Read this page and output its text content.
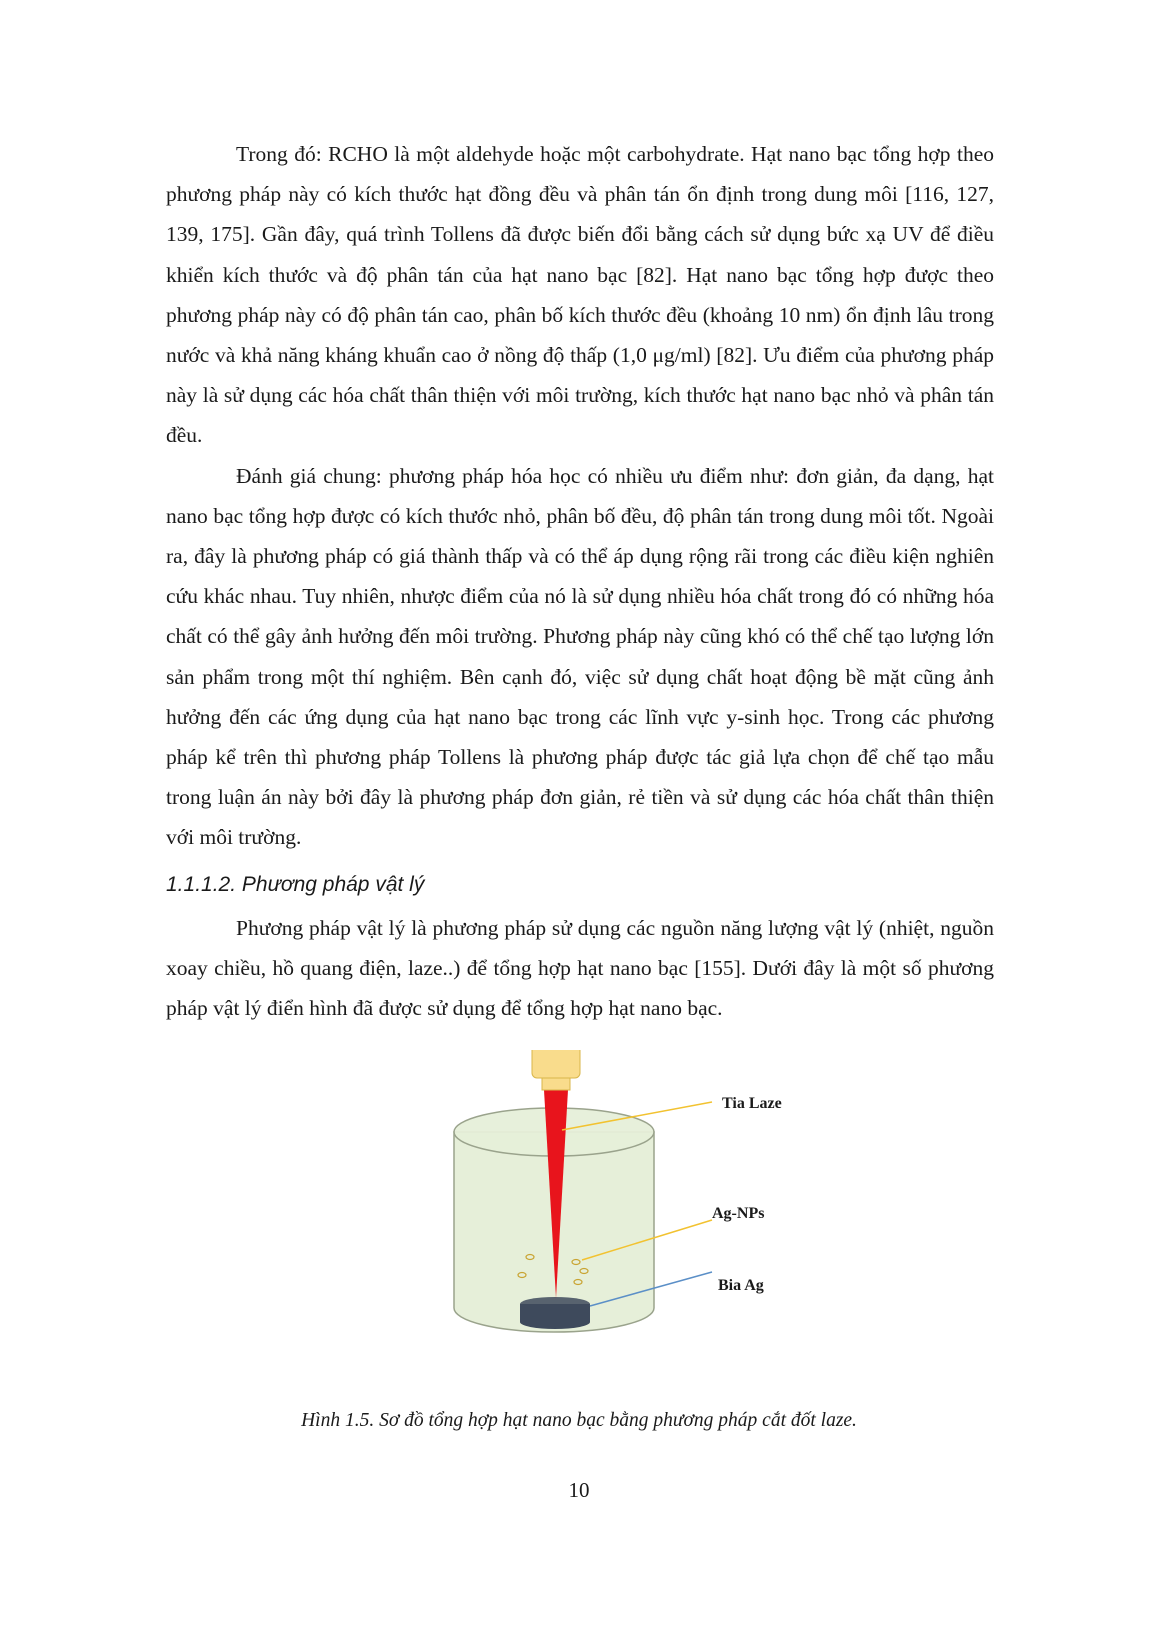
Trong đó: RCHO là một aldehyde hoặc một carbohydrate. Hạt nano bạc tổng hợp theo phương pháp này có kích thước hạt đồng đều và phân tán ổn định trong dung môi [116, 127, 139, 175]. Gần đây, quá trình Tollens đã được biến đổi bằng cách sử dụng bức xạ UV để điều khiển kích thước và độ phân tán của hạt nano bạc [82]. Hạt nano bạc tổng hợp được theo phương pháp này có độ phân tán cao, phân bố kích thước đều (khoảng 10 nm) ổn định lâu trong nước và khả năng kháng khuẩn cao ở nồng độ thấp (1,0 μg/ml) [82]. Ưu điểm của phương pháp này là sử dụng các hóa chất thân thiện với môi trường, kích thước hạt nano bạc nhỏ và phân tán đều.

Đánh giá chung: phương pháp hóa học có nhiều ưu điểm như: đơn giản, đa dạng, hạt nano bạc tổng hợp được có kích thước nhỏ, phân bố đều, độ phân tán trong dung môi tốt. Ngoài ra, đây là phương pháp có giá thành thấp và có thể áp dụng rộng rãi trong các điều kiện nghiên cứu khác nhau. Tuy nhiên, nhược điểm của nó là sử dụng nhiều hóa chất trong đó có những hóa chất có thể gây ảnh hưởng đến môi trường. Phương pháp này cũng khó có thể chế tạo lượng lớn sản phẩm trong một thí nghiệm. Bên cạnh đó, việc sử dụng chất hoạt động bề mặt cũng ảnh hưởng đến các ứng dụng của hạt nano bạc trong các lĩnh vực y-sinh học. Trong các phương pháp kể trên thì phương pháp Tollens là phương pháp được tác giả lựa chọn để chế tạo mẫu trong luận án này bởi đây là phương pháp đơn giản, rẻ tiền và sử dụng các hóa chất thân thiện với môi trường.

1.1.1.2. Phương pháp vật lý

Phương pháp vật lý là phương pháp sử dụng các nguồn năng lượng vật lý (nhiệt, nguồn xoay chiều, hồ quang điện, laze..) để tổng hợp hạt nano bạc [155]. Dưới đây là một số phương pháp vật lý điển hình đã được sử dụng để tổng hợp hạt nano bạc.

Tia Laze
Ag-NPs
Bia Ag
Hình 1.5. Sơ đồ tổng hợp hạt nano bạc bằng phương pháp cắt đốt laze.
10
